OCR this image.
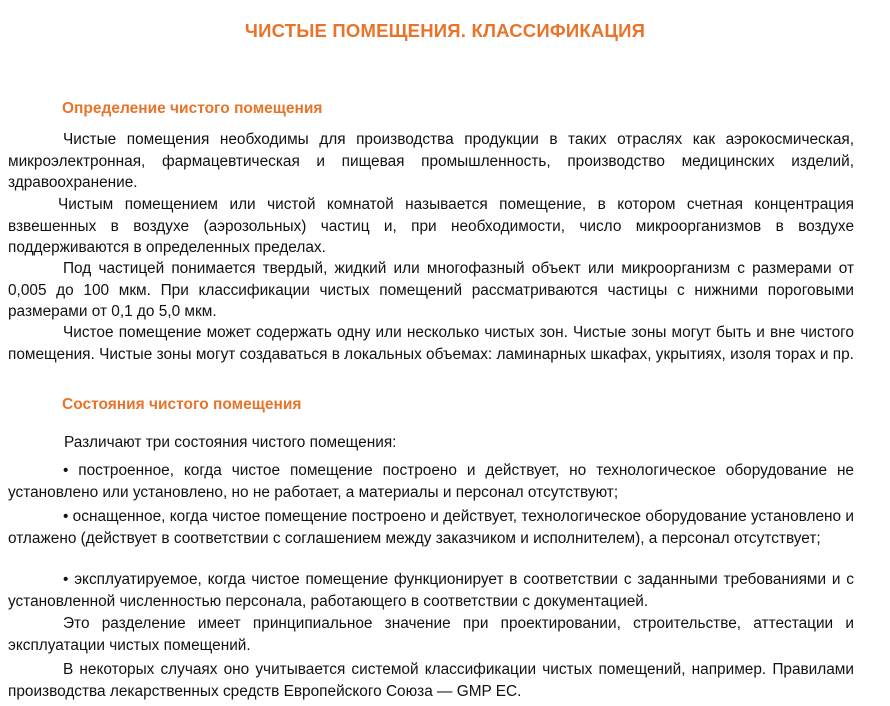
ЧИСТЫЕ ПОМЕЩЕНИЯ. КЛАССИФИКАЦИЯ
Определение чистого помещения

Чистые помещения необходимы для производства продукции в таких отраслях как аэрокосмическая, микроэлектронная, фармацевтическая и пищевая промышленность, производство медицинских изделий, здравоохранение.

Чистым помещением или чистой комнатой называется помещение, в котором счетная концентрация взвешенных в воздухе (аэрозольных) частиц и, при необходимости, число микроорганизмов в воздухе поддерживаются в определенных пределах.

Под частицей понимается твердый, жидкий или многофазный объект или микроорганизм с размерами от 0,005 до 100 мкм. При классификации чистых помещений рассматриваются частицы с нижними пороговыми размерами от 0,1 до 5,0 мкм.

Чистое помещение может содержать одну или несколько чистых зон. Чистые зоны могут быть и вне чистого помещения. Чистые зоны могут создаваться в локальных объемах: ламинарных шкафах, укрытиях, изоля торах и пр.

Состояния чистого помещения

Различают три состояния чистого помещения:

• построенное, когда чистое помещение построено и действует, но технологическое оборудование не установлено или установлено, но не работает, а материалы и персонал отсутствуют;

• оснащенное, когда чистое помещение построено и действует, технологическое оборудование установлено и отлажено (действует в соответствии с соглашением между заказчиком и исполнителем), а персонал отсутствует;

• эксплуатируемое, когда чистое помещение функционирует в соответствии с заданными требованиями и с установленной численностью персонала, работающего в соответствии с документацией.

Это разделение имеет принципиальное значение при проектировании, строительстве, аттестации и эксплуатации чистых помещений.

В некоторых случаях оно учитывается системой классификации чистых помещений, например. Правилами производства лекарственных средств Европейского Союза — GMP ЕС.
